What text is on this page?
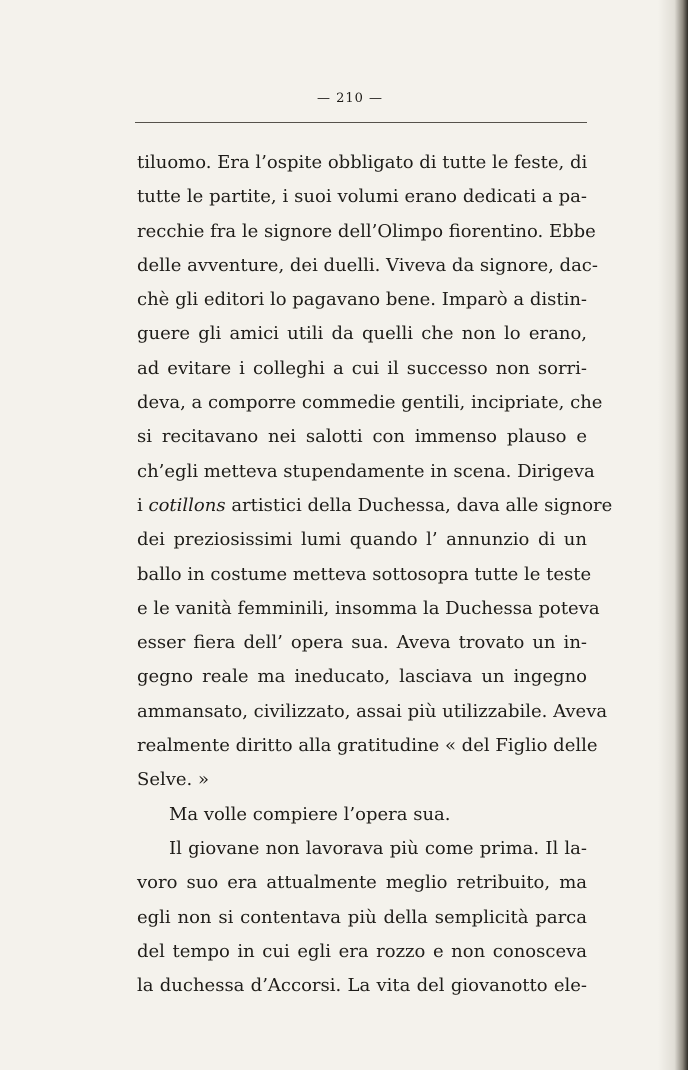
— 210 —
tiluomo. Era l’ospite obbligato di tutte le feste, di
tutte le partite, i suoi volumi erano dedicati a pa-
recchie fra le signore dell’Olimpo fiorentino. Ebbe
delle avventure, dei duelli. Viveva da signore, dac-
chè gli editori lo pagavano bene. Imparò a distin-
guere gli amici utili da quelli che non lo erano,
ad evitare i colleghi a cui il successo non sorri-
deva, a comporre commedie gentili, incipriate, che
si recitavano nei salotti con immenso plauso e
ch’egli metteva stupendamente in scena. Dirigeva
i cotillons artistici della Duchessa, dava alle signore
dei preziosissimi lumi quando l’ annunzio di un
ballo in costume metteva sottosopra tutte le teste
e le vanità femminili, insomma la Duchessa poteva
esser fiera dell’ opera sua. Aveva trovato un in-
gegno reale ma ineducato, lasciava un ingegno
ammansato, civilizzato, assai più utilizzabile. Aveva
realmente diritto alla gratitudine « del Figlio delle
Selve. »
Ma volle compiere l’opera sua.
Il giovane non lavorava più come prima. Il la-
voro suo era attualmente meglio retribuito, ma
egli non si contentava più della semplicità parca
del tempo in cui egli era rozzo e non conosceva
la duchessa d’Accorsi. La vita del giovanotto ele-
